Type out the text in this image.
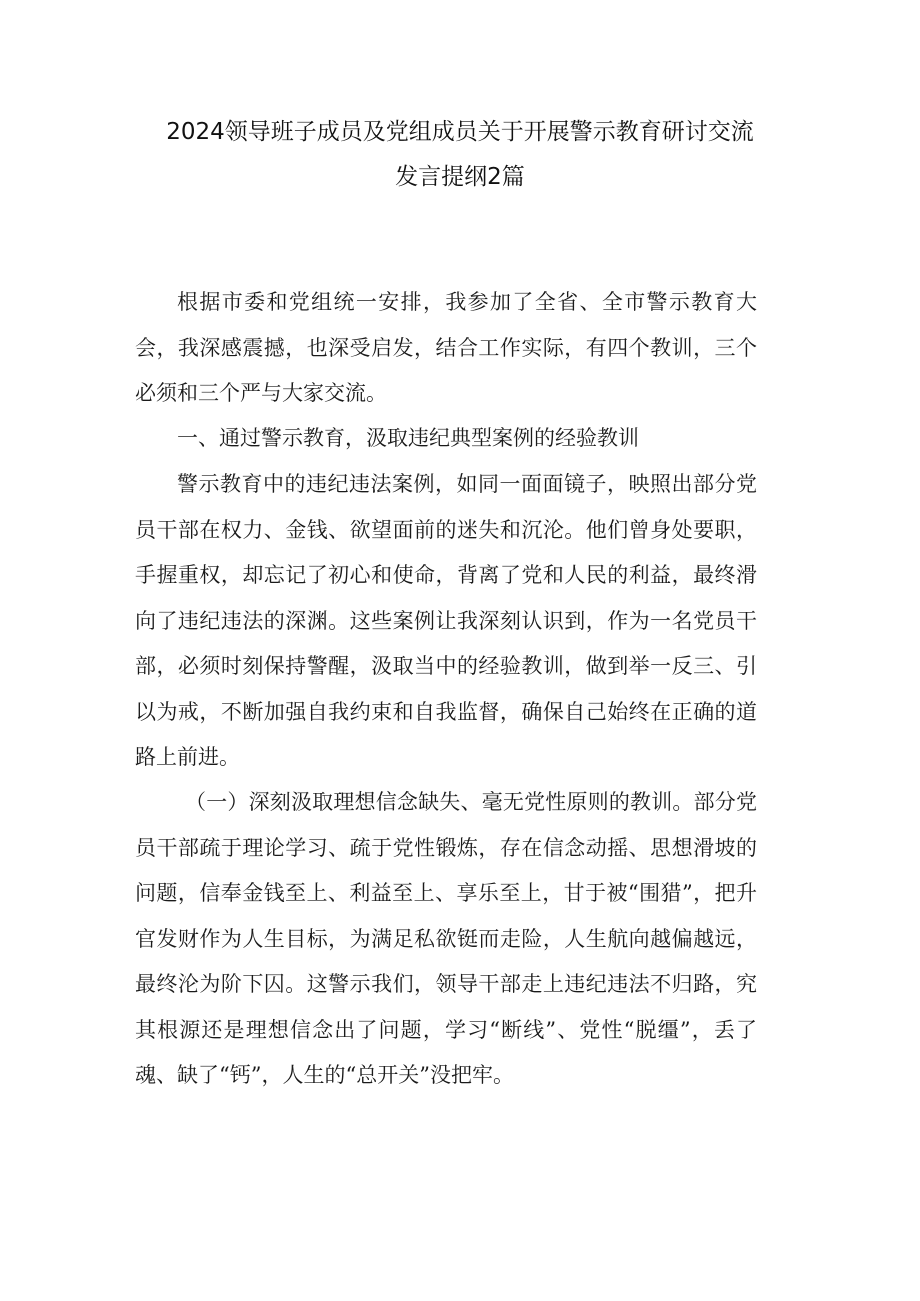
2024领导班子成员及党组成员关于开展警示教育研讨交流
发言提纲2篇

根据市委和党组统一安排，我参加了全省、全市警示教育大会，我深感震撼，也深受启发，结合工作实际，有四个教训，三个必须和三个严与大家交流。

一、通过警示教育，汲取违纪典型案例的经验教训

警示教育中的违纪违法案例，如同一面面镜子，映照出部分党员干部在权力、金钱、欲望面前的迷失和沉沦。他们曾身处要职，手握重权，却忘记了初心和使命，背离了党和人民的利益，最终滑向了违纪违法的深渊。这些案例让我深刻认识到，作为一名党员干部，必须时刻保持警醒，汲取当中的经验教训，做到举一反三、引以为戒，不断加强自我约束和自我监督，确保自己始终在正确的道路上前进。

（一）深刻汲取理想信念缺失、毫无党性原则的教训。部分党员干部疏于理论学习、疏于党性锻炼，存在信念动摇、思想滑坡的问题，信奉金钱至上、利益至上、享乐至上，甘于被“围猎”，把升官发财作为人生目标，为满足私欲铤而走险，人生航向越偏越远，最终沦为阶下囚。这警示我们，领导干部走上违纪违法不归路，究其根源还是理想信念出了问题，学习“断线”、党性“脱缰”，丢了魂、缺了“钙”，人生的“总开关”没把牢。
